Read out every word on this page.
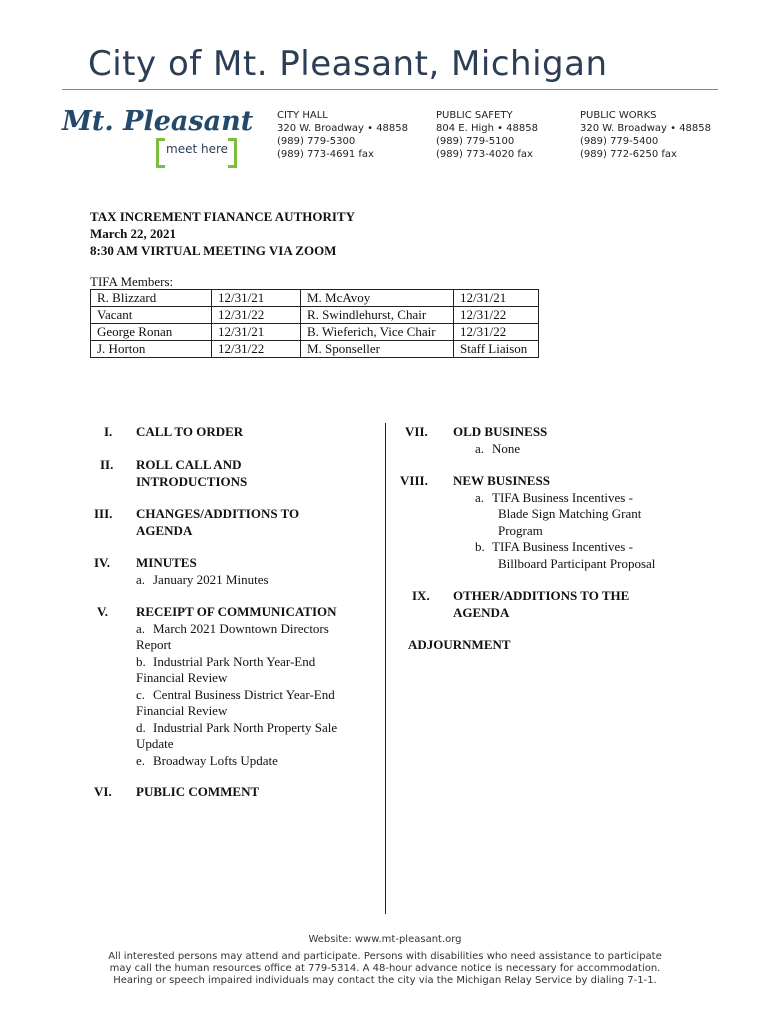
City of Mt. Pleasant, Michigan
Mt. Pleasant
meet here
CITY HALL
320 W. Broadway • 48858
(989) 779-5300
(989) 773-4691 fax
PUBLIC SAFETY
804 E. High • 48858
(989) 779-5100
(989) 773-4020 fax
PUBLIC WORKS
320 W. Broadway • 48858
(989) 779-5400
(989) 772-6250 fax
TAX INCREMENT FIANANCE AUTHORITY
March 22, 2021
8:30 AM VIRTUAL MEETING VIA ZOOM
TIFA Members:
R. Blizzard	12/31/21	M. McAvoy	12/31/21
Vacant	12/31/22	R. Swindlehurst, Chair	12/31/22
George Ronan	12/31/21	B. Wieferich, Vice Chair	12/31/22
J. Horton	12/31/22	M. Sponseller	Staff Liaison
I. CALL TO ORDER
II. ROLL CALL AND
INTRODUCTIONS
III. CHANGES/ADDITIONS TO
AGENDA
IV. MINUTES
a. January 2021 Minutes
V. RECEIPT OF COMMUNICATION
a. March 2021 Downtown Directors
Report
b. Industrial Park North Year-End
Financial Review
c. Central Business District Year-End
Financial Review
d. Industrial Park North Property Sale
Update
e. Broadway Lofts Update
VI. PUBLIC COMMENT
VII. OLD BUSINESS
a. None
VIII. NEW BUSINESS
a. TIFA Business Incentives -
Blade Sign Matching Grant
Program
b. TIFA Business Incentives -
Billboard Participant Proposal
IX. OTHER/ADDITIONS TO THE
AGENDA
ADJOURNMENT
Website: www.mt-pleasant.org
All interested persons may attend and participate. Persons with disabilities who need assistance to participate
may call the human resources office at 779-5314. A 48-hour advance notice is necessary for accommodation.
Hearing or speech impaired individuals may contact the city via the Michigan Relay Service by dialing 7-1-1.
